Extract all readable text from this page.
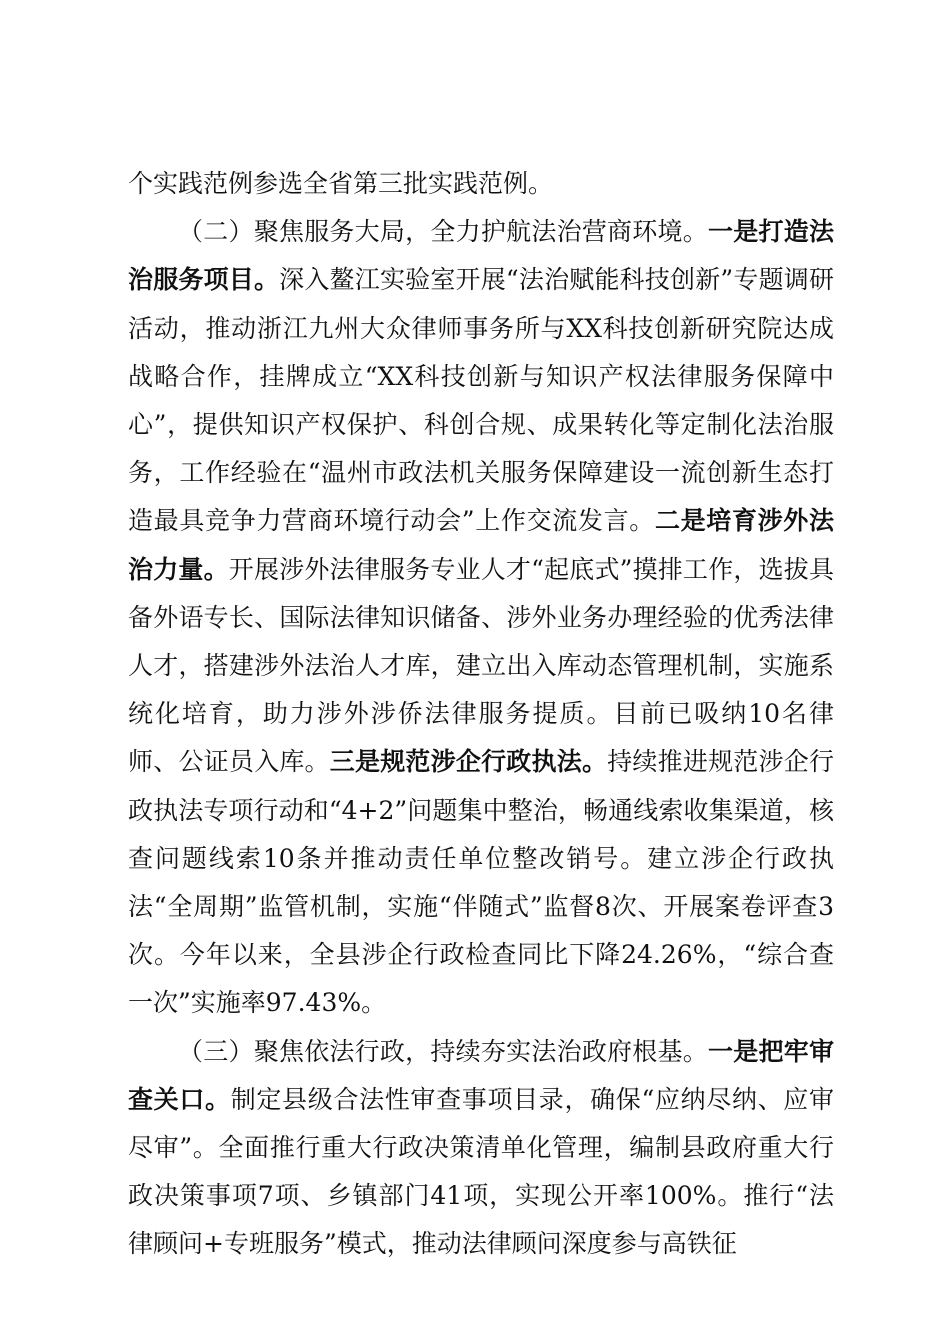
个实践范例参选全省第三批实践范例。

（二）聚焦服务大局，全力护航法治营商环境。一是打造法治服务项目。深入鳌江实验室开展“法治赋能科技创新”专题调研活动，推动浙江九州大众律师事务所与XX科技创新研究院达成战略合作，挂牌成立“XX科技创新与知识产权法律服务保障中心”，提供知识产权保护、科创合规、成果转化等定制化法治服务，工作经验在“温州市政法机关服务保障建设一流创新生态打造最具竞争力营商环境行动会”上作交流发言。二是培育涉外法治力量。开展涉外法律服务专业人才“起底式”摸排工作，选拔具备外语专长、国际法律知识储备、涉外业务办理经验的优秀法律人才，搭建涉外法治人才库，建立出入库动态管理机制，实施系统化培育，助力涉外涉侨法律服务提质。目前已吸纳10名律师、公证员入库。三是规范涉企行政执法。持续推进规范涉企行政执法专项行动和“4+2”问题集中整治，畅通线索收集渠道，核查问题线索10条并推动责任单位整改销号。建立涉企行政执法“全周期”监管机制，实施“伴随式”监督8次、开展案卷评查3次。今年以来，全县涉企行政检查同比下降24.26%，“综合查一次”实施率97.43%。

（三）聚焦依法行政，持续夯实法治政府根基。一是把牢审查关口。制定县级合法性审查事项目录，确保“应纳尽纳、应审尽审”。全面推行重大行政决策清单化管理，编制县政府重大行政决策事项7项、乡镇部门41项，实现公开率100%。推行“法律顾问+专班服务”模式，推动法律顾问深度参与高铁征
